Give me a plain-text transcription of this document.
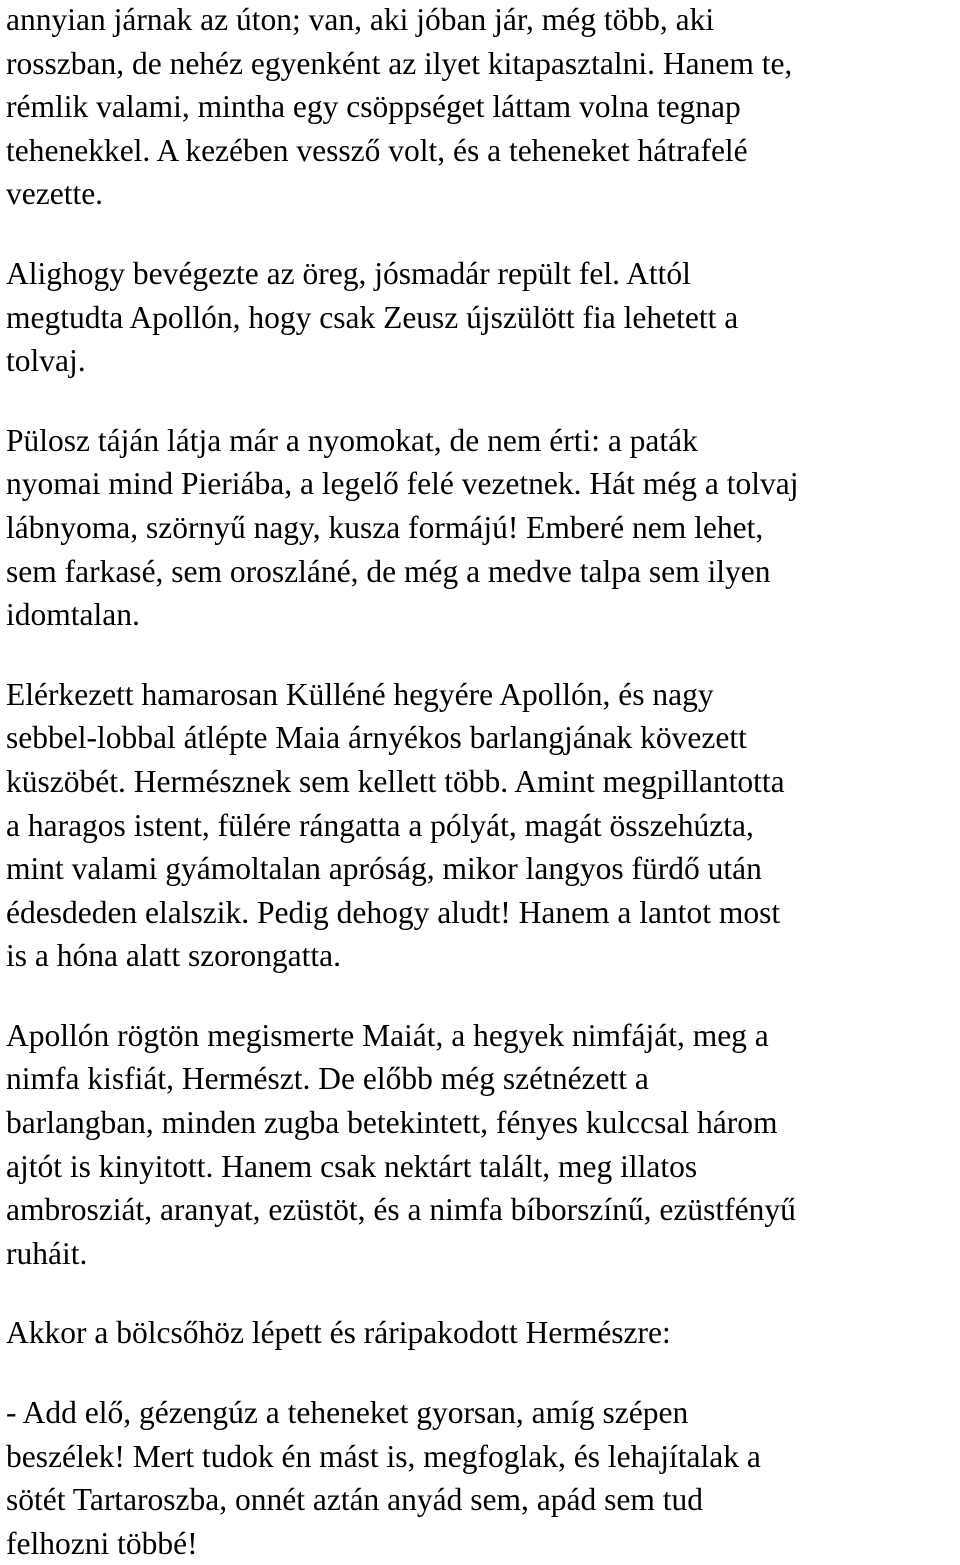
annyian járnak az úton; van, aki jóban jár, még több, aki
rosszban, de nehéz egyenként az ilyet kitapasztalni. Hanem te,
rémlik valami, mintha egy csöppséget láttam volna tegnap
tehenekkel. A kezében vessző volt, és a teheneket hátrafelé
vezette.

Alighogy bevégezte az öreg, jósmadár repült fel. Attól
megtudta Apollón, hogy csak Zeusz újszülött fia lehetett a
tolvaj.

Pülosz táján látja már a nyomokat, de nem érti: a paták
nyomai mind Pieriába, a legelő felé vezetnek. Hát még a tolvaj
lábnyoma, szörnyű nagy, kusza formájú! Emberé nem lehet,
sem farkasé, sem oroszláné, de még a medve talpa sem ilyen
idomtalan.

Elérkezett hamarosan Külléné hegyére Apollón, és nagy
sebbel-lobbal átlépte Maia árnyékos barlangjának kövezett
küszöbét. Hermésznek sem kellett több. Amint megpillantotta
a haragos istent, fülére rángatta a pólyát, magát összehúzta,
mint valami gyámoltalan apróság, mikor langyos fürdő után
édesdeden elalszik. Pedig dehogy aludt! Hanem a lantot most
is a hóna alatt szorongatta.

Apollón rögtön megismerte Maiát, a hegyek nimfáját, meg a
nimfa kisfiát, Hermészt. De előbb még szétnézett a
barlangban, minden zugba betekintett, fényes kulccsal három
ajtót is kinyitott. Hanem csak nektárt talált, meg illatos
ambrosziát, aranyat, ezüstöt, és a nimfa bíborszínű, ezüstfényű
ruháit.

Akkor a bölcsőhöz lépett és ráripakodott Hermészre:

- Add elő, gézengúz a teheneket gyorsan, amíg szépen
beszélek! Mert tudok én mást is, megfoglak, és lehajítalak a
sötét Tartaroszba, onnét aztán anyád sem, apád sem tud
felhozni többé!
